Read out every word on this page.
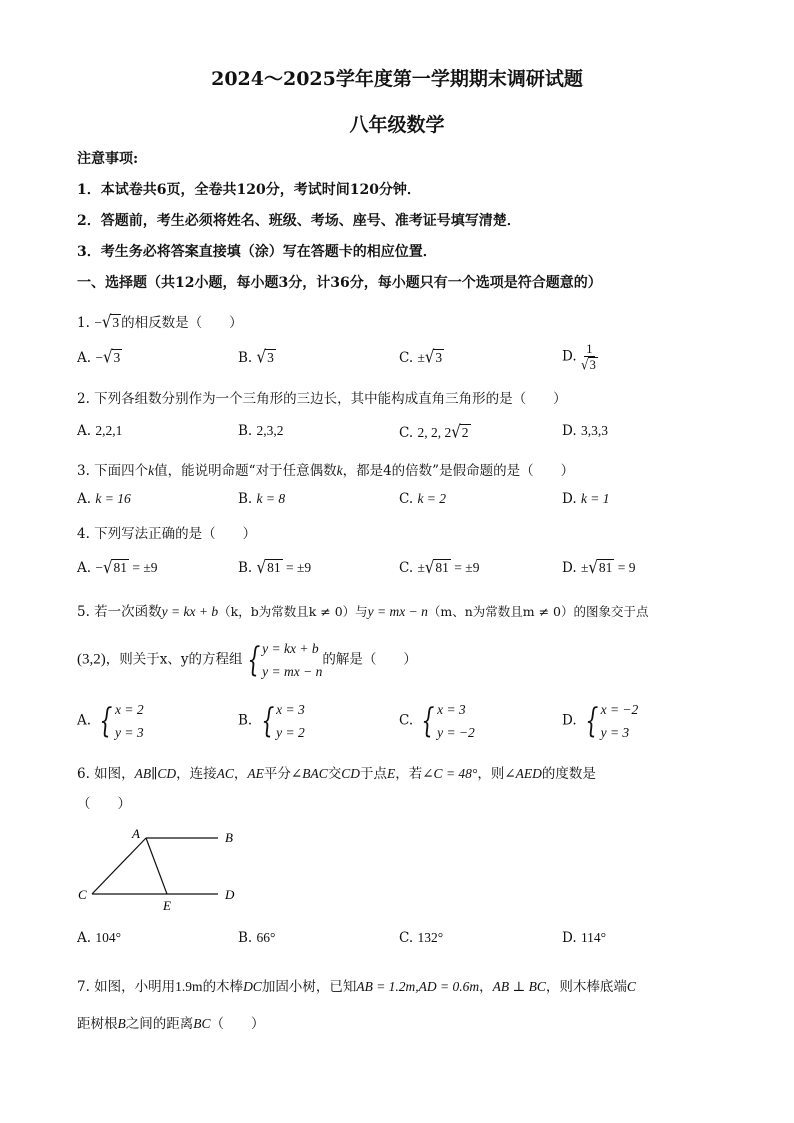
2024～2025学年度第一学期期末调研试题
八年级数学
注意事项:
1．本试卷共6页，全卷共120分，考试时间120分钟．
2．答题前，考生必须将姓名、班级、考场、座号、准考证号填写清楚．
3．考生务必将答案直接填（涂）写在答题卡的相应位置．
一、选择题（共12小题，每小题3分，计36分，每小题只有一个选项是符合题意的）
1. −√3 的相反数是（　　）
A. −√3	B. √3	C. ±√3	D. $\frac{1}{√3}$
2. 下列各组数分别作为一个三角形的三边长，其中能构成直角三角形的是（　　）
A. 2,2,1	B. 2,3,2	C. 2, 2, 2√2	D. 3,3,3
3. 下面四个k值，能说明命题“对于任意偶数k，都是4的倍数”是假命题的是（　　）
A. k = 16	B. k = 8	C. k = 2	D. k = 1
4. 下列写法正确的是（　　）
A. −√81 = ±9	B. √81 = ±9	C. ±√81 = ±9	D. ±√81 = 9
5. 若一次函数y = kx + b（k，b为常数且k ≠ 0）与y = mx − n（m、n为常数且m ≠ 0）的图象交于点
(3,2)，则关于x、y的方程组 { y = kx + b
y = mx − n
的解是（　　）
A. { x = 2
y = 3
B. { x = 3
y = 2
C. { x = 3
y = −2
D. { x = −2
y = 3
6. 如图，AB∥CD，连接AC，AE平分∠BAC交CD于点E，若∠C = 48°，则∠AED的度数是
（　　）
A	B
C
E
D
A. 104°	B. 66°	C. 132°	D. 114°
7. 如图，小明用1.9m的木棒DC加固小树，已知AB = 1.2m,AD = 0.6m，AB ⊥ BC，则木棒底端C
距树根B之间的距离BC（　　）
